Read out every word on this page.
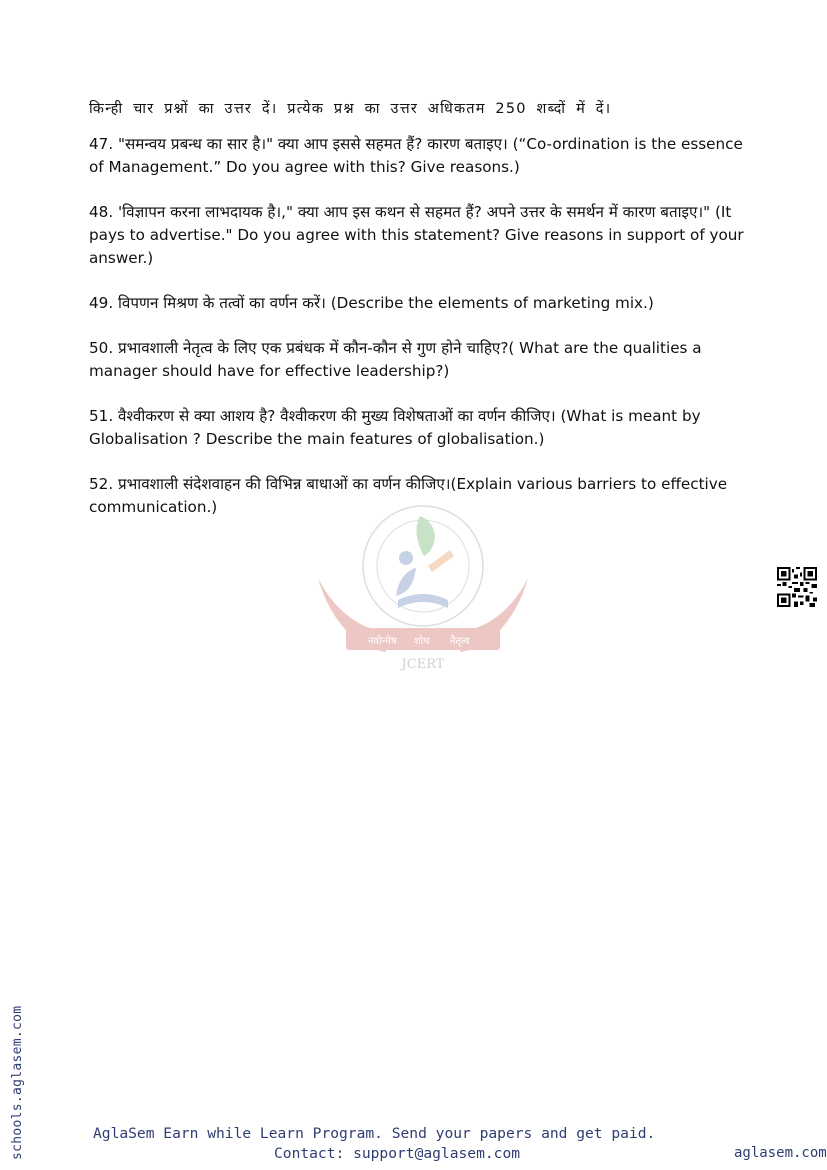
किन्ही चार प्रश्नों का उत्तर दें। प्रत्येक प्रश्न का उत्तर अधिकतम 250 शब्दों में दें।
47. "समन्वय प्रबन्ध का सार है।" क्या आप इससे सहमत हैं? कारण बताइए। (“Co-ordination is the essence of Management.” Do you agree with this? Give reasons.)
48. 'विज्ञापन करना लाभदायक है।," क्या आप इस कथन से सहमत हैं? अपने उत्तर के समर्थन में कारण बताइए।" (It pays to advertise." Do you agree with this statement? Give reasons in support of your answer.)
49. विपणन मिश्रण के तत्वों का वर्णन करें। (Describe the elements of marketing mix.)
50. प्रभावशाली नेतृत्व के लिए एक प्रबंधक में कौन-कौन से गुण होने चाहिए?( What are the qualities a manager should have for effective leadership?)
51. वैश्वीकरण से क्या आशय है? वैश्वीकरण की मुख्य विशेषताओं का वर्णन कीजिए। (What is meant by Globalisation ? Describe the main features of globalisation.)
52. प्रभावशाली संदेशवाहन की विभिन्न बाधाओं का वर्णन कीजिए।(Explain various barriers to effective communication.)
नवोन्मेष शोध नैतृत्व
JCERT
schools.aglasem.com	AglaSem Earn while Learn Program. Send your papers and get paid.
Contact: support@aglasem.com	aglasem.com
